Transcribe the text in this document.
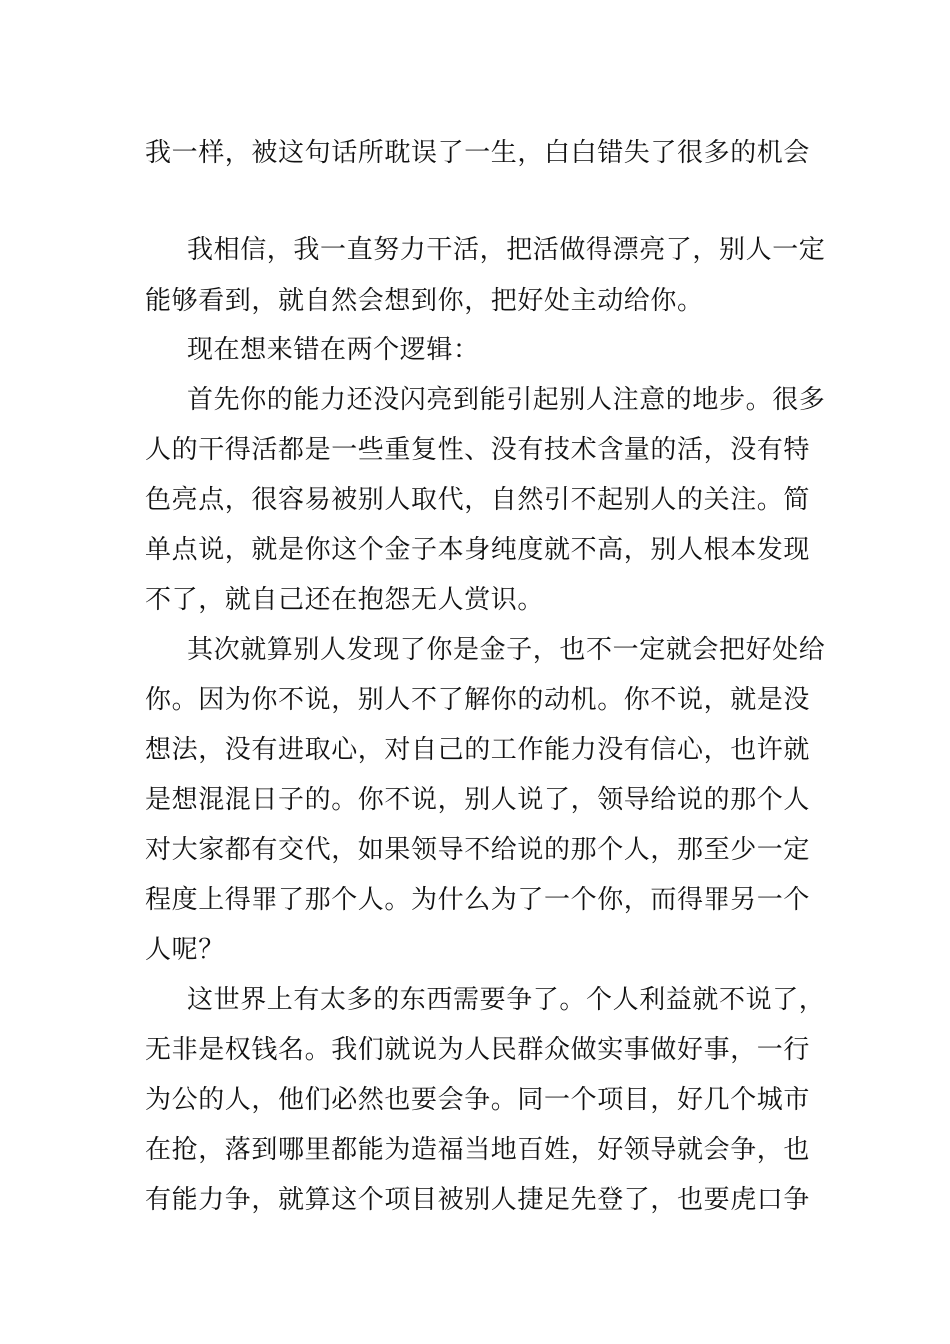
我一样，被这句话所耽误了一生，白白错失了很多的机会
我相信，我一直努力干活，把活做得漂亮了，别人一定
能够看到，就自然会想到你，把好处主动给你。
现在想来错在两个逻辑：
首先你的能力还没闪亮到能引起别人注意的地步。很多
人的干得活都是一些重复性、没有技术含量的活，没有特
色亮点，很容易被别人取代，自然引不起别人的关注。简
单点说，就是你这个金子本身纯度就不高，别人根本发现
不了，就自己还在抱怨无人赏识。
其次就算别人发现了你是金子，也不一定就会把好处给
你。因为你不说，别人不了解你的动机。你不说，就是没
想法，没有进取心，对自己的工作能力没有信心，也许就
是想混混日子的。你不说，别人说了，领导给说的那个人
对大家都有交代，如果领导不给说的那个人，那至少一定
程度上得罪了那个人。为什么为了一个你，而得罪另一个
人呢？
这世界上有太多的东西需要争了。个人利益就不说了，
无非是权钱名。我们就说为人民群众做实事做好事，一行
为公的人，他们必然也要会争。同一个项目，好几个城市
在抢，落到哪里都能为造福当地百姓，好领导就会争，也
有能力争，就算这个项目被别人捷足先登了，也要虎口争
